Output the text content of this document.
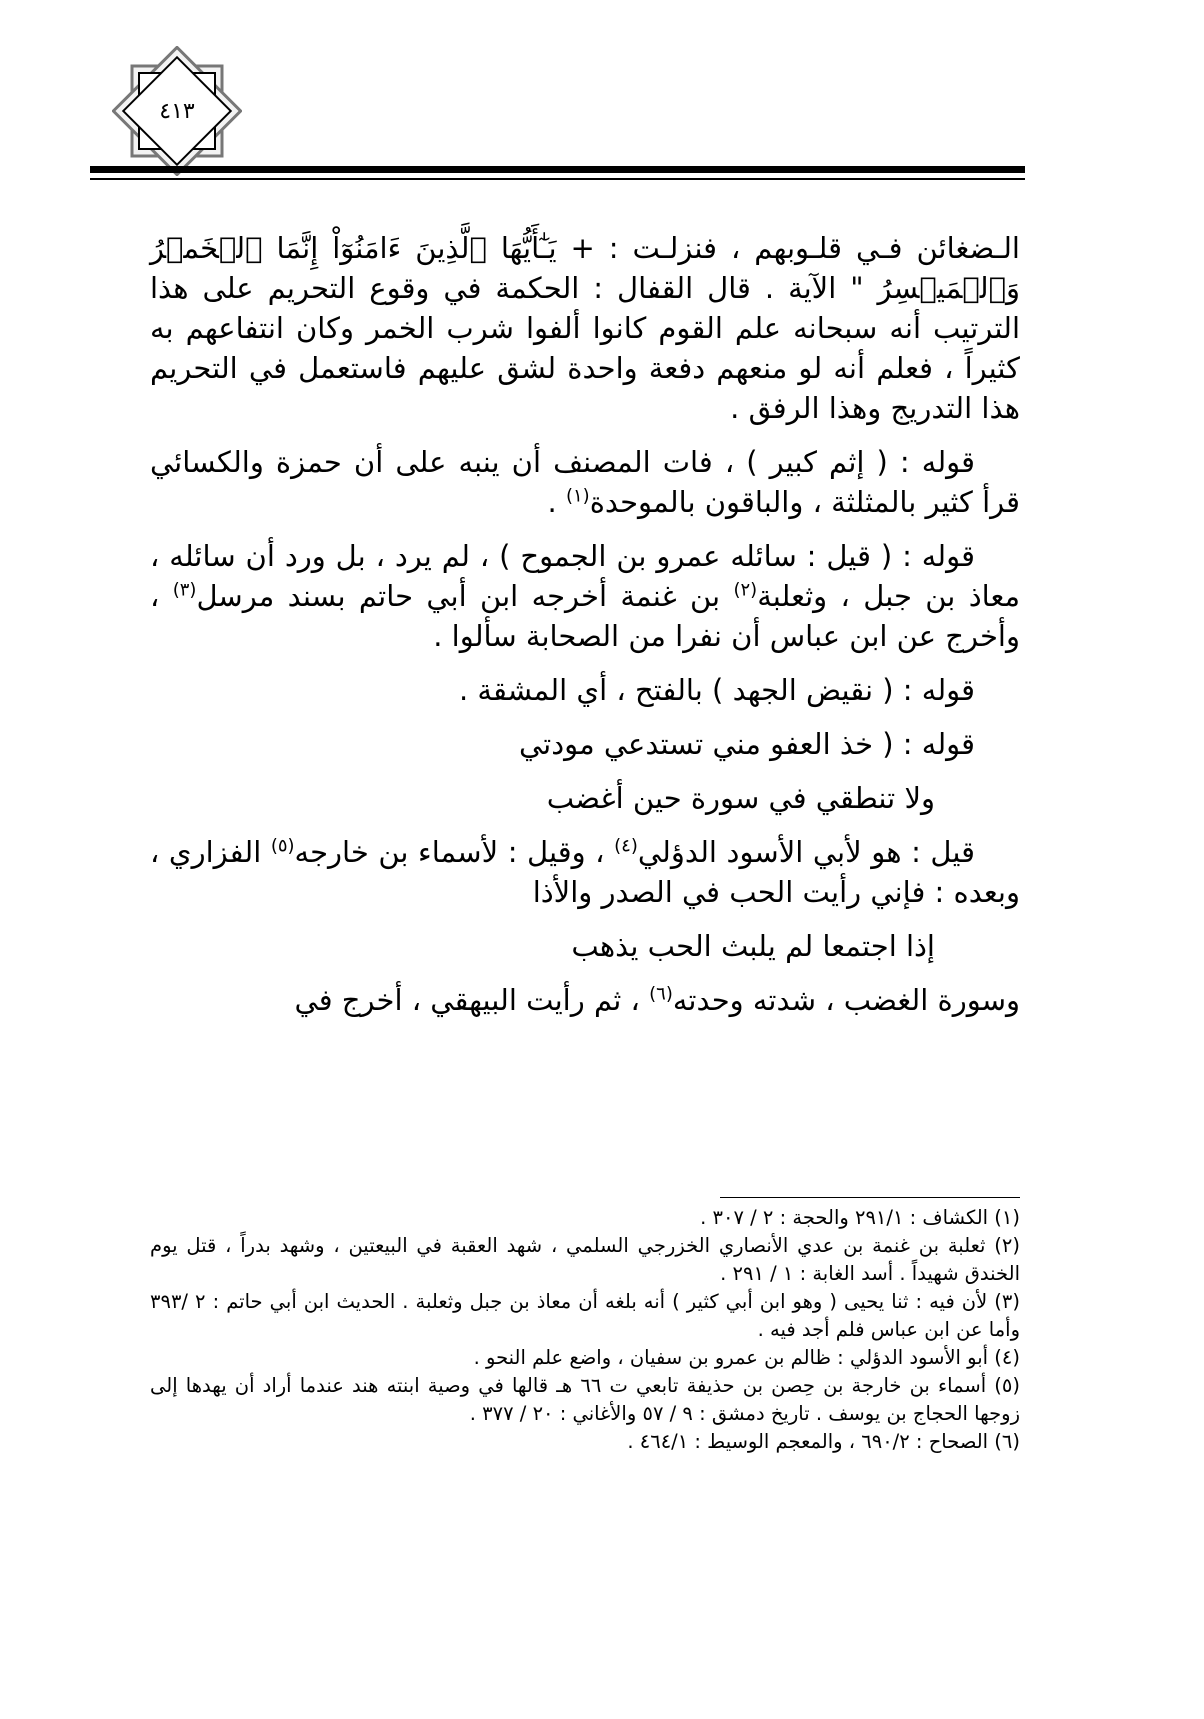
٤١٣

الـضغائن فـي قلـوبهم ، فنزلـت : + يَـٰٓأَيُّهَا ٱلَّذِينَ ءَامَنُوٓاْ إِنَّمَا ٱلۡخَمۡرُ وَٱلۡمَيۡسِرُ " الآية . قال القفال : الحكمة في وقوع التحريم على هذا الترتيب أنه سبحانه علم القوم كانوا ألفوا شرب الخمر وكان انتفاعهم به كثيراً ، فعلم أنه لو منعهم دفعة واحدة لشق عليهم فاستعمل في التحريم هذا التدريج وهذا الرفق .

قوله : ( إثم كبير ) ، فات المصنف أن ينبه على أن حمزة والكسائي قرأ كثير بالمثلثة ، والباقون بالموحدة$^{(١)}$ .

قوله : ( قيل : سائله عمرو بن الجموح ) ، لم يرد ، بل ورد أن سائله ، معاذ بن جبل ، وثعلبة$^{(٢)}$ بن غنمة أخرجه ابن أبي حاتم بسند مرسل$^{(٣)}$ ، وأخرج عن ابن عباس أن نفرا من الصحابة سألوا .

قوله : ( نقيض الجهد ) بالفتح ، أي المشقة .

قوله : ( خذ العفو مني تستدعي مودتي

ولا تنطقي في سورة حين أغضب

قيل : هو لأبي الأسود الدؤلي$^{(٤)}$ ، وقيل : لأسماء بن خارجه$^{(٥)}$ الفزاري ، وبعده : فإني رأيت الحب في الصدر والأذا

إذا اجتمعا لم يلبث الحب يذهب

وسورة الغضب ، شدته وحدته$^{(٦)}$ ، ثم رأيت البيهقي ، أخرج في

(١) الكشاف : ٢٩١/١ والحجة : ٢ / ٣٠٧ .

(٢) ثعلبة بن غنمة بن عدي الأنصاري الخزرجي السلمي ، شهد العقبة في البيعتين ، وشهد بدراً ، قتل يوم الخندق شهيداً . أسد الغابة : ١ / ٢٩١ .

(٣) لأن فيه : ثنا يحيى ( وهو ابن أبي كثير ) أنه بلغه أن معاذ بن جبل وثعلبة . الحديث ابن أبي حاتم : ٢ /٣٩٣ وأما عن ابن عباس فلم أجد فيه .

(٤) أبو الأسود الدؤلي : ظالم بن عمرو بن سفيان ، واضع علم النحو .

(٥) أسماء بن خارجة بن حِصن بن حذيفة تابعي ت ٦٦ هـ قالها في وصية ابنته هند عندما أراد أن يهدها إلى زوجها الحجاج بن يوسف . تاريخ دمشق : ٩ / ٥٧ والأغاني : ٢٠ / ٣٧٧ .

(٦) الصحاح : ٦٩٠/٢ ، والمعجم الوسيط : ٤٦٤/١ .
